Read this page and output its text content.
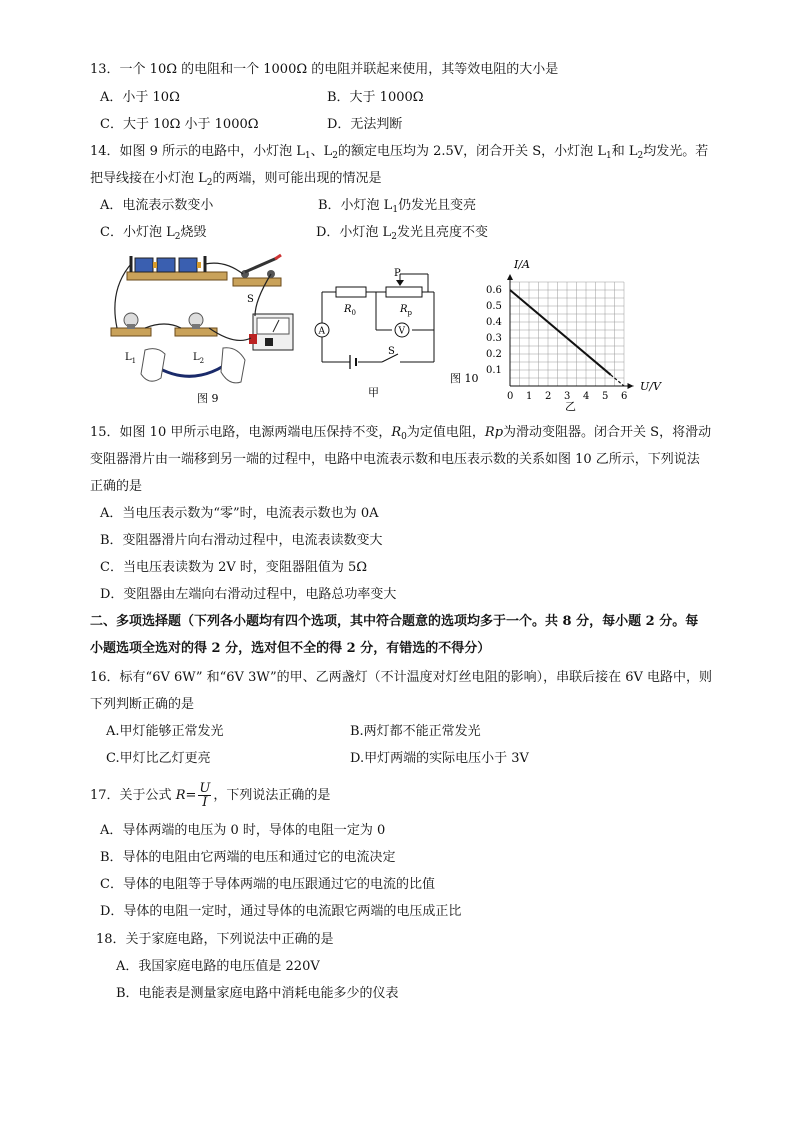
13．一个 10Ω 的电阻和一个 1000Ω 的电阻并联起来使用，其等效电阻的大小是
A．小于 10Ω	B．大于 1000Ω
C．大于 10Ω 小于 1000Ω	D．无法判断
14．如图 9 所示的电路中，小灯泡 $L_1$、$L_2$的额定电压均为 2.5V，闭合开关 S，小灯泡 $L_1$和 $L_2$均发光。若
把导线接在小灯泡 $L_2$的两端，则可能出现的情况是
A．电流表示数变小	B．小灯泡 $L_1$仍发光且变亮
C．小灯泡 $L_2$烧毁	D．小灯泡 $L_2$发光且亮度不变
S
$L_1$	$L_2$
图 9
A	V
P
$R_0$	$R_p$
S
甲
图 10
I/A
U/V
乙
0 1 2 3 4 5 6
0.1
0.2
0.3
0.4
0.5
0.6
15．如图 10 甲所示电路，电源两端电压保持不变，$R_0$为定值电阻，Rp为滑动变阻器。闭合开关 S，将滑动
变阻器滑片由一端移到另一端的过程中，电路中电流表示数和电压表示数的关系如图 10 乙所示，下列说法
正确的是
A．当电压表示数为“零”时，电流表示数也为 0A
B．变阻器滑片向右滑动过程中，电流表读数变大
C．当电压表读数为 2V 时，变阻器阻值为 5Ω
D．变阻器由左端向右滑动过程中，电路总功率变大
二、多项选择题（下列各小题均有四个选项，其中符合题意的选项均多于一个。共 8 分，每小题 2 分。每
小题选项全选对的得 2 分，选对但不全的得 2 分，有错选的不得分）
16．标有“6V 6W” 和“6V 3W”的甲、乙两盏灯（不计温度对灯丝电阻的影响），串联后接在 6V 电路中，则
下列判断正确的是
A.甲灯能够正常发光	B.两灯都不能正常发光
C.甲灯比乙灯更亮	D.甲灯两端的实际电压小于 3V
17．关于公式 $R= \frac{U}{I}$ ，下列说法正确的是
A．导体两端的电压为 0 时，导体的电阻一定为 0
B．导体的电阻由它两端的电压和通过它的电流决定
C．导体的电阻等于导体两端的电压跟通过它的电流的比值
D．导体的电阻一定时，通过导体的电流跟它两端的电压成正比
18．关于家庭电路，下列说法中正确的是
A．我国家庭电路的电压值是 220V
B．电能表是测量家庭电路中消耗电能多少的仪表
